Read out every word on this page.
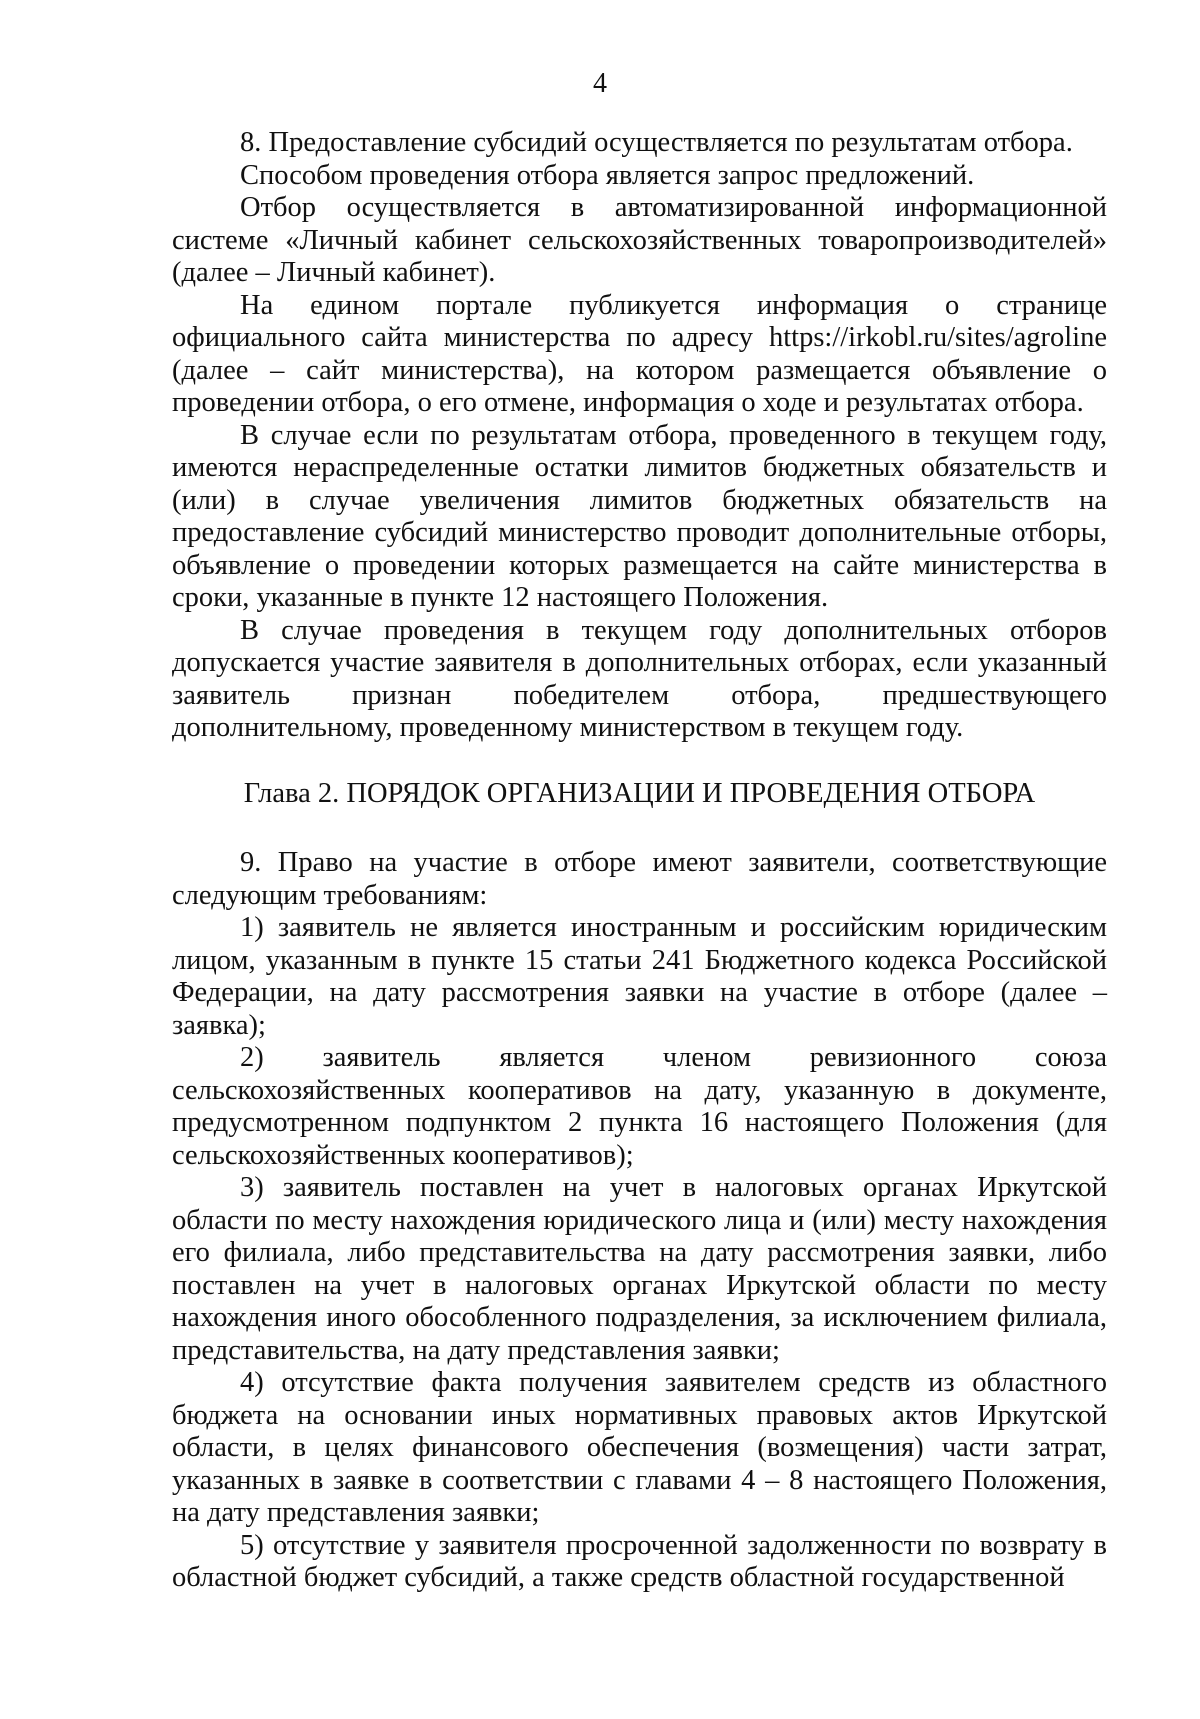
4

8. Предоставление субсидий осуществляется по результатам отбора.

Способом проведения отбора является запрос предложений.

Отбор осуществляется в автоматизированной информационной системе «Личный кабинет сельскохозяйственных товаропроизводителей» (далее – Личный кабинет).

На едином портале публикуется информация о странице официального сайта министерства по адресу https://irkobl.ru/sites/agroline (далее – сайт министерства), на котором размещается объявление о проведении отбора, о его отмене, информация о ходе и результатах отбора.

В случае если по результатам отбора, проведенного в текущем году, имеются нераспределенные остатки лимитов бюджетных обязательств и (или) в случае увеличения лимитов бюджетных обязательств на предоставление субсидий министерство проводит дополнительные отборы, объявление о проведении которых размещается на сайте министерства в сроки, указанные в пункте 12 настоящего Положения.

В случае проведения в текущем году дополнительных отборов допускается участие заявителя в дополнительных отборах, если указанный заявитель признан победителем отбора, предшествующего дополнительному, проведенному министерством в текущем году.

Глава 2. ПОРЯДОК ОРГАНИЗАЦИИ И ПРОВЕДЕНИЯ ОТБОРА

9. Право на участие в отборе имеют заявители, соответствующие следующим требованиям:

1) заявитель не является иностранным и российским юридическим лицом, указанным в пункте 15 статьи 241 Бюджетного кодекса Российской Федерации, на дату рассмотрения заявки на участие в отборе (далее – заявка);

2) заявитель является членом ревизионного союза сельскохозяйственных кооперативов на дату, указанную в документе, предусмотренном подпунктом 2 пункта 16 настоящего Положения (для сельскохозяйственных кооперативов);

3) заявитель поставлен на учет в налоговых органах Иркутской области по месту нахождения юридического лица и (или) месту нахождения его филиала, либо представительства на дату рассмотрения заявки, либо поставлен на учет в налоговых органах Иркутской области по месту нахождения иного обособленного подразделения, за исключением филиала, представительства, на дату представления заявки;

4) отсутствие факта получения заявителем средств из областного бюджета на основании иных нормативных правовых актов Иркутской области, в целях финансового обеспечения (возмещения) части затрат, указанных в заявке в соответствии с главами 4 – 8 настоящего Положения, на дату представления заявки;

5) отсутствие у заявителя просроченной задолженности по возврату в областной бюджет субсидий, а также средств областной государственной
